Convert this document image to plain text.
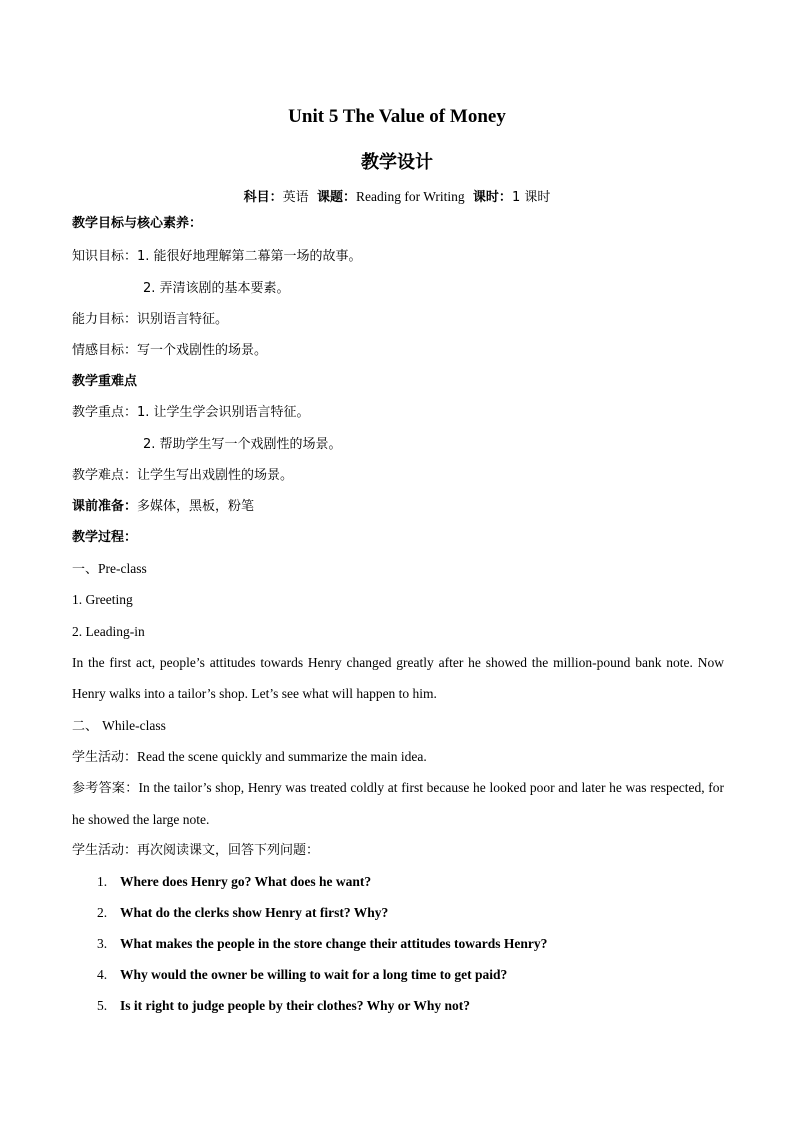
Unit 5 The Value of Money
教学设计
科目：英语 课题：Reading for Writing 课时：1 课时
教学目标与核心素养：
知识目标：1. 能很好地理解第二幕第一场的故事。
2. 弄清该剧的基本要素。
能力目标：识别语言特征。
情感目标：写一个戏剧性的场景。
教学重难点
教学重点：1. 让学生学会识别语言特征。
2. 帮助学生写一个戏剧性的场景。
教学难点：让学生写出戏剧性的场景。
课前准备：多媒体，黑板，粉笔
教学过程：
一、Pre-class
1. Greeting
2. Leading-in
In the first act, people’s attitudes towards Henry changed greatly after he showed the million-pound bank note. Now Henry walks into a tailor’s shop. Let’s see what will happen to him.
二、 While-class
学生活动：Read the scene quickly and summarize the main idea.
参考答案：In the tailor’s shop, Henry was treated coldly at first because he looked poor and later he was respected, for he showed the large note.
学生活动：再次阅读课文，回答下列问题：
1. Where does Henry go? What does he want?
2. What do the clerks show Henry at first? Why?
3. What makes the people in the store change their attitudes towards Henry?
4. Why would the owner be willing to wait for a long time to get paid?
5. Is it right to judge people by their clothes? Why or Why not?
